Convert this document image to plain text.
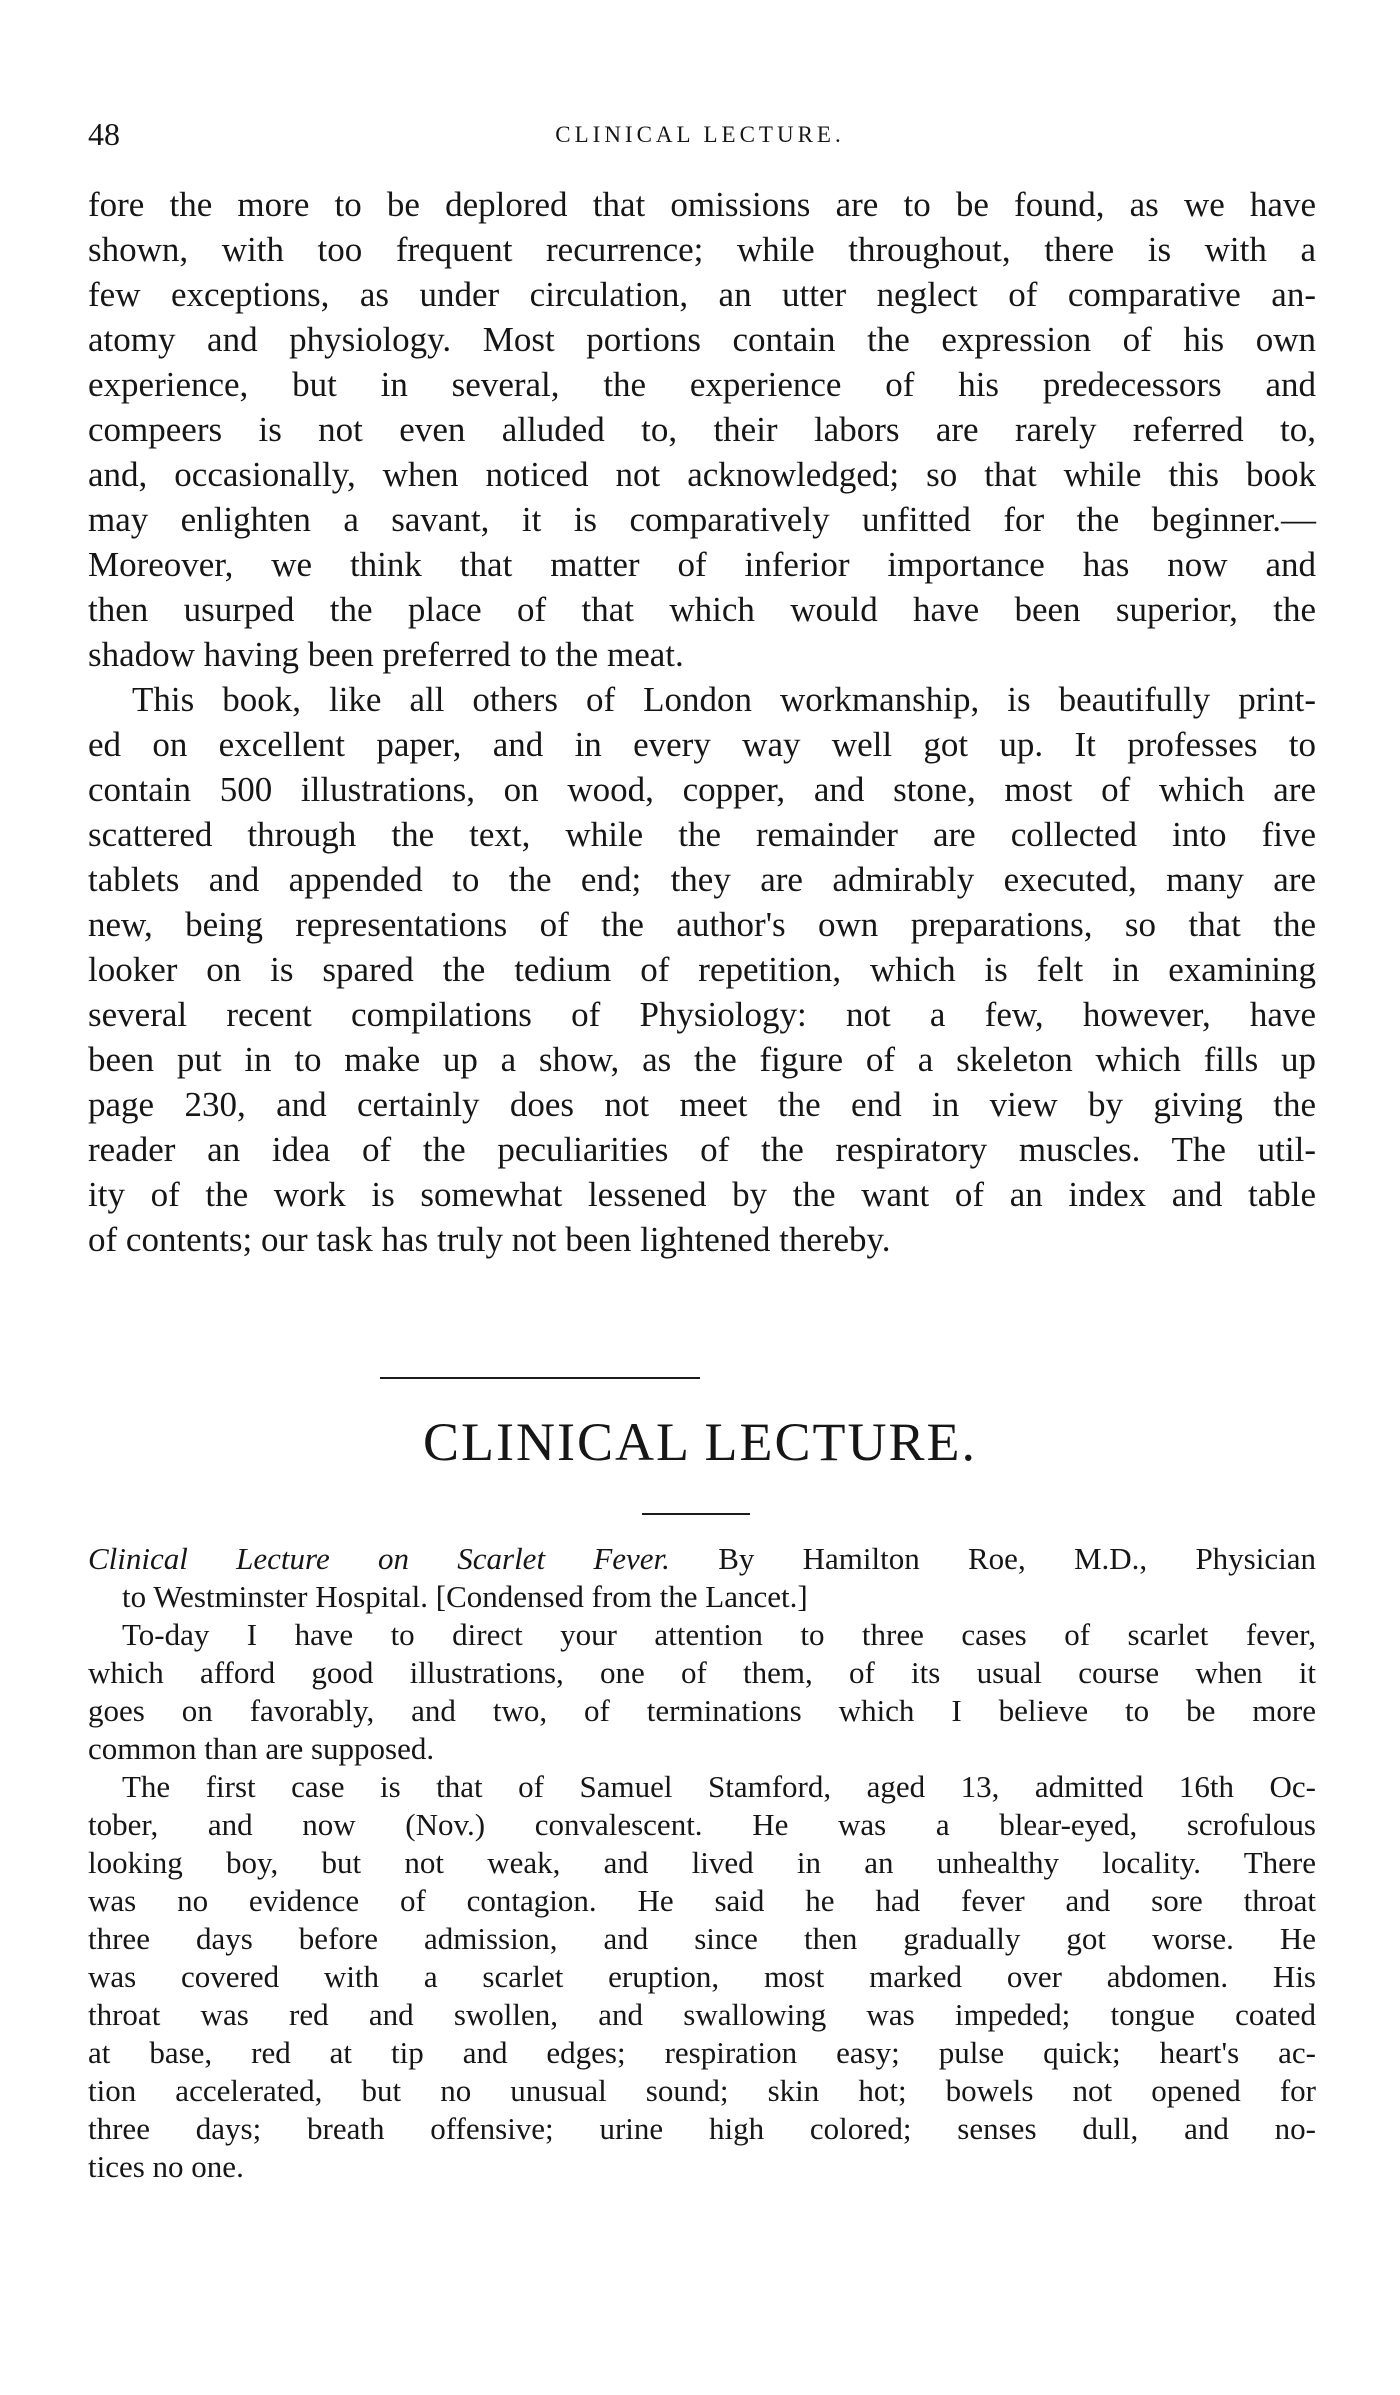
48	CLINICAL LECTURE.
fore the more to be deplored that omissions are to be found, as we have
shown, with too frequent recurrence; while throughout, there is with a
few exceptions, as under circulation, an utter neglect of comparative an-
atomy and physiology. Most portions contain the expression of his own
experience, but in several, the experience of his predecessors and
compeers is not even alluded to, their labors are rarely referred to,
and, occasionally, when noticed not acknowledged; so that while this book
may enlighten a savant, it is comparatively unfitted for the beginner.—
Moreover, we think that matter of inferior importance has now and
then usurped the place of that which would have been superior, the
shadow having been preferred to the meat.
This book, like all others of London workmanship, is beautifully print-
ed on excellent paper, and in every way well got up. It professes to
contain 500 illustrations, on wood, copper, and stone, most of which are
scattered through the text, while the remainder are collected into five
tablets and appended to the end; they are admirably executed, many are
new, being representations of the author's own preparations, so that the
looker on is spared the tedium of repetition, which is felt in examining
several recent compilations of Physiology: not a few, however, have
been put in to make up a show, as the figure of a skeleton which fills up
page 230, and certainly does not meet the end in view by giving the
reader an idea of the peculiarities of the respiratory muscles. The util-
ity of the work is somewhat lessened by the want of an index and table
of contents; our task has truly not been lightened thereby.
CLINICAL LECTURE.
Clinical Lecture on Scarlet Fever. By Hamilton Roe, M.D., Physician
to Westminster Hospital. [Condensed from the Lancet.]
To-day I have to direct your attention to three cases of scarlet fever,
which afford good illustrations, one of them, of its usual course when it
goes on favorably, and two, of terminations which I believe to be more
common than are supposed.
The first case is that of Samuel Stamford, aged 13, admitted 16th Oc-
tober, and now (Nov.) convalescent. He was a blear-eyed, scrofulous
looking boy, but not weak, and lived in an unhealthy locality. There
was no evidence of contagion. He said he had fever and sore throat
three days before admission, and since then gradually got worse. He
was covered with a scarlet eruption, most marked over abdomen. His
throat was red and swollen, and swallowing was impeded; tongue coated
at base, red at tip and edges; respiration easy; pulse quick; heart's ac-
tion accelerated, but no unusual sound; skin hot; bowels not opened for
three days; breath offensive; urine high colored; senses dull, and no-
tices no one.
